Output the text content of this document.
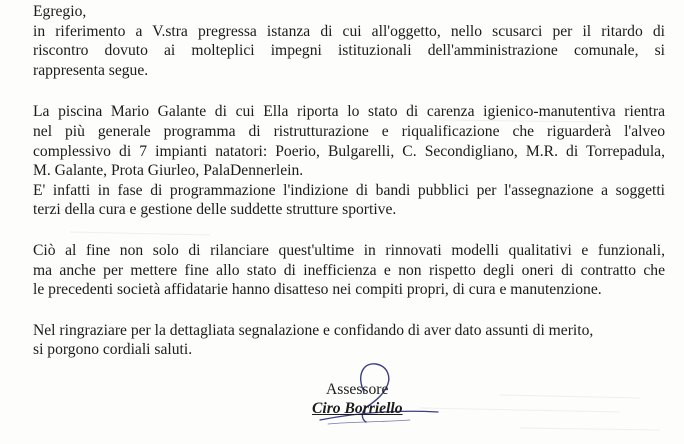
Egregio,

in riferimento a V.stra pregressa istanza di cui all'oggetto, nello scusarci per il ritardo di
riscontro dovuto ai molteplici impegni istituzionali dell'amministrazione comunale, si
rappresenta segue.

La piscina Mario Galante di cui Ella riporta lo stato di carenza igienico-manutentiva rientra
nel più generale programma di ristrutturazione e riqualificazione che riguarderà l'alveo
complessivo di 7 impianti natatori: Poerio, Bulgarelli, C. Secondigliano, M.R. di Torrepadula,
M. Galante, Prota Giurleo, PalaDennerlein.
E' infatti in fase di programmazione l'indizione di bandi pubblici per l'assegnazione a soggetti
terzi della cura e gestione delle suddette strutture sportive.

Ciò al fine non solo di rilanciare quest'ultime in rinnovati modelli qualitativi e funzionali,
ma anche per mettere fine allo stato di inefficienza e non rispetto degli oneri di contratto che
le precedenti società affidatarie hanno disatteso nei compiti propri, di cura e manutenzione.

Nel ringraziare per la dettagliata segnalazione e confidando di aver dato assunti di merito,
si porgono cordiali saluti.

Assessore
Ciro Borriello
